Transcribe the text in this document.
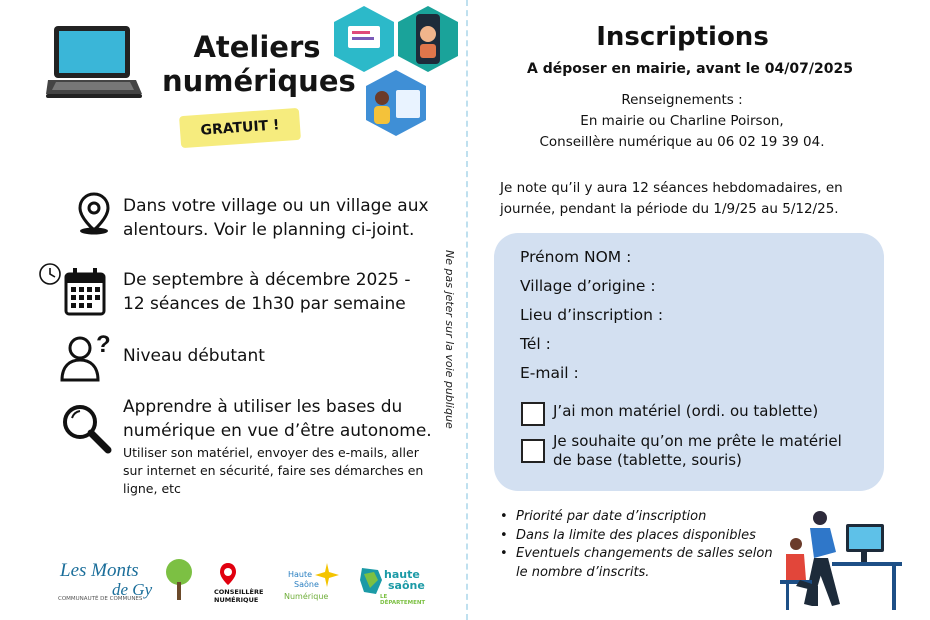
Ateliers
numériques
GRATUIT !
Dans votre village ou un village aux
alentours. Voir le planning ci-joint.
De septembre à décembre 2025 -
12 séances de 1h30 par semaine
? Niveau débutant
Apprendre à utiliser les bases du
numérique en vue d’être autonome.
Utiliser son matériel, envoyer des e-mails, aller
sur internet en sécurité, faire ses démarches en
ligne, etc
Les Monts
de Gy
COMMUNAUTÉ DE COMMUNES
CONSEILLÈRE
NUMÉRIQUE
Haute
Saône
Numérique
haute
saône
LE DÉPARTEMENT
Ne pas jeter sur la voie publique
Inscriptions
A déposer en mairie, avant le 04/07/2025
Renseignements :
En mairie ou Charline Poirson,
Conseillère numérique au 06 02 19 39 04.
Je note qu’il y aura 12 séances hebdomadaires, en
journée, pendant la période du 1/9/25 au 5/12/25.
Prénom NOM :
Village d’origine :
Lieu d’inscription :
Tél :
E-mail :
J’ai mon matériel (ordi. ou tablette)
Je souhaite qu’on me prête le matériel
de base (tablette, souris)
• Priorité par date d’inscription
• Dans la limite des places disponibles
• Eventuels changements de salles selon
le nombre d’inscrits.
